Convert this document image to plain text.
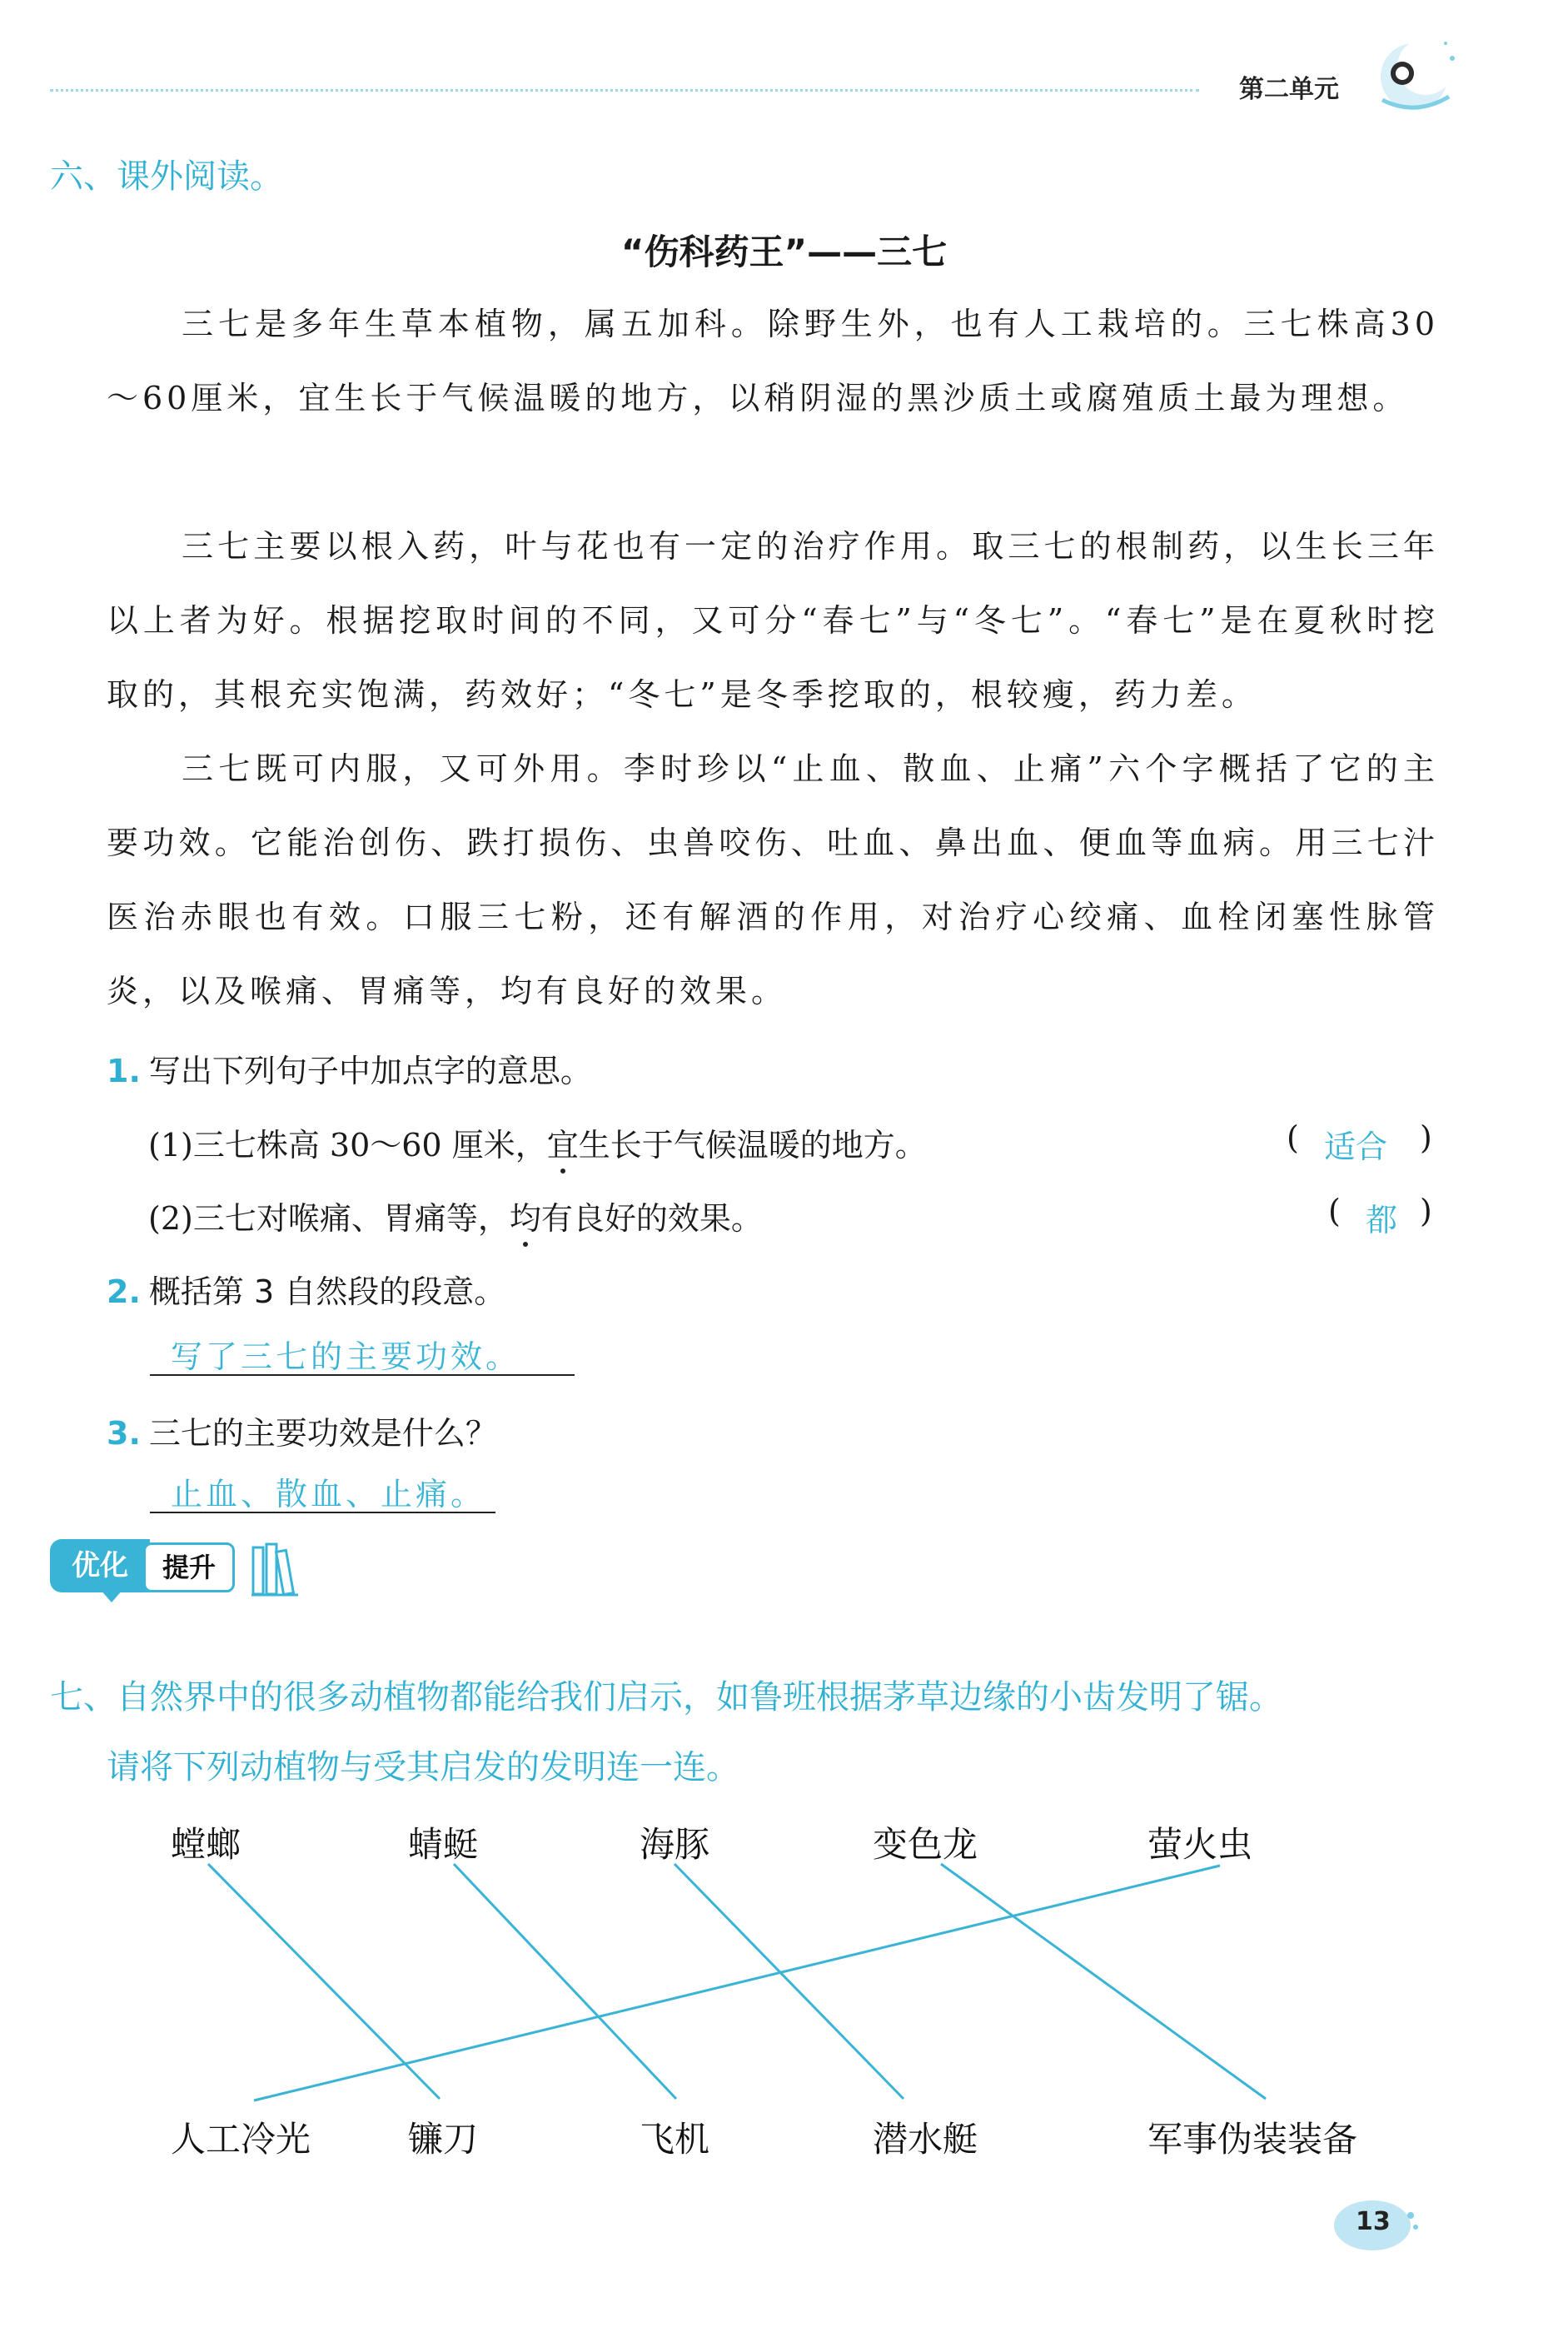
第二单元
六、课外阅读。
“伤科药王”——三七
三七是多年生草本植物，属五加科。除野生外，也有人工栽培的。三七株高30～60厘米，宜生长于气候温暖的地方，以稍阴湿的黑沙质土或腐殖质土最为理想。
三七主要以根入药，叶与花也有一定的治疗作用。取三七的根制药，以生长三年以上者为好。根据挖取时间的不同，又可分“春七”与“冬七”。“春七”是在夏秋时挖取的，其根充实饱满，药效好；“冬七”是冬季挖取的，根较瘦，药力差。
三七既可内服，又可外用。李时珍以“止血、散血、止痛”六个字概括了它的主要功效。它能治创伤、跌打损伤、虫兽咬伤、吐血、鼻出血、便血等血病。用三七汁医治赤眼也有效。口服三七粉，还有解酒的作用，对治疗心绞痛、血栓闭塞性脉管炎，以及喉痛、胃痛等，均有良好的效果。
1. 写出下列句子中加点字的意思。
(1)三七株高 30～60 厘米，宜生长于气候温暖的地方。	( 适合 )
(2)三七对喉痛、胃痛等，均有良好的效果。	( 都 )
2. 概括第 3 自然段的段意。
写了三七的主要功效。
3. 三七的主要功效是什么？
止血、散血、止痛。
优化	提升
七、自然界中的很多动植物都能给我们启示，如鲁班根据茅草边缘的小齿发明了锯。
请将下列动植物与受其启发的发明连一连。
螳螂	蜻蜓	海豚	变色龙	萤火虫
人工冷光	镰刀	飞机	潜水艇	军事伪装装备
13
